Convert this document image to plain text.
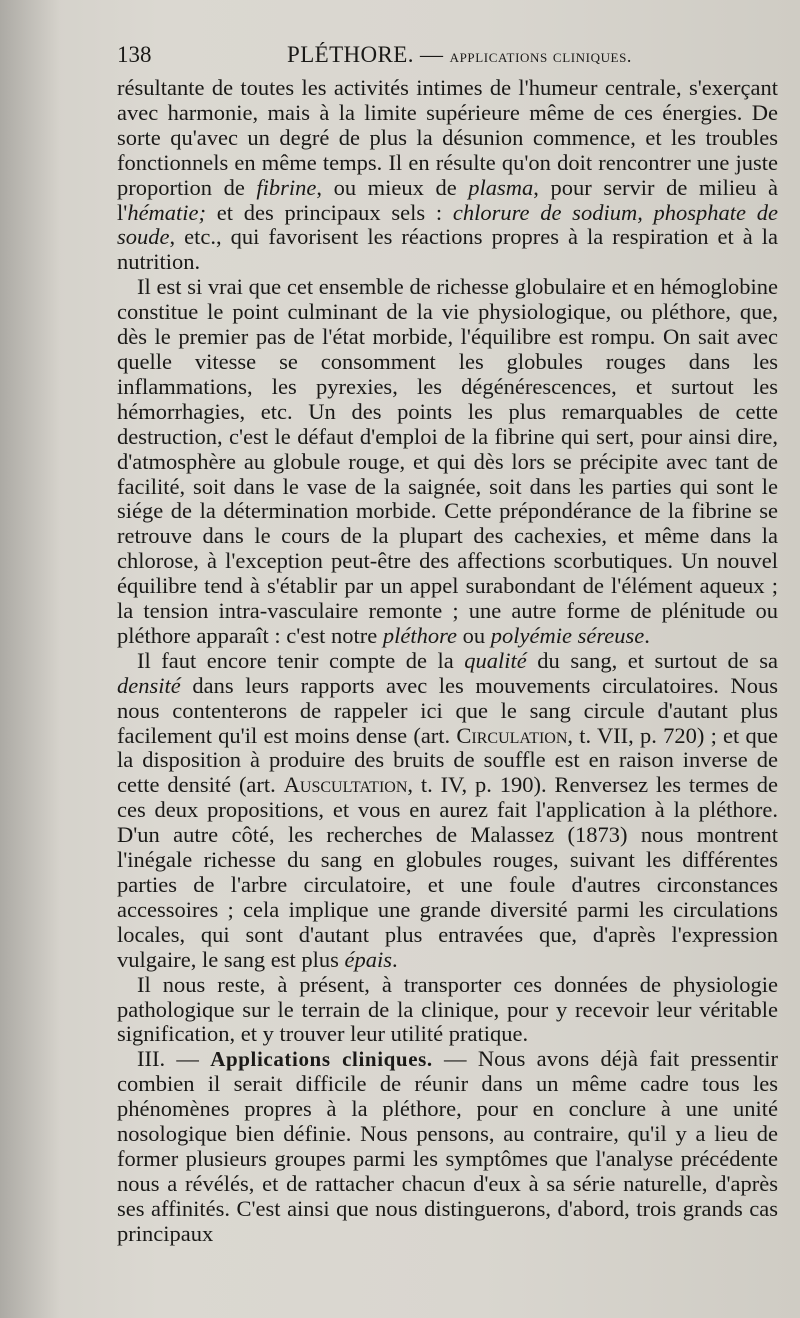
138	PLÉTHORE. — applications cliniques.

résultante de toutes les activités intimes de l'humeur centrale, s'exerçant avec harmonie, mais à la limite supérieure même de ces énergies. De sorte qu'avec un degré de plus la désunion commence, et les troubles fonctionnels en même temps. Il en résulte qu'on doit rencontrer une juste proportion de fibrine, ou mieux de plasma, pour servir de milieu à l'hématie; et des principaux sels : chlorure de sodium, phosphate de soude, etc., qui favorisent les réactions propres à la respiration et à la nutrition.

Il est si vrai que cet ensemble de richesse globulaire et en hémoglobine constitue le point culminant de la vie physiologique, ou pléthore, que, dès le premier pas de l'état morbide, l'équilibre est rompu. On sait avec quelle vitesse se consomment les globules rouges dans les inflammations, les pyrexies, les dégénérescences, et surtout les hémorrhagies, etc. Un des points les plus remarquables de cette destruction, c'est le défaut d'emploi de la fibrine qui sert, pour ainsi dire, d'atmosphère au globule rouge, et qui dès lors se précipite avec tant de facilité, soit dans le vase de la saignée, soit dans les parties qui sont le siége de la détermination morbide. Cette prépondérance de la fibrine se retrouve dans le cours de la plupart des cachexies, et même dans la chlorose, à l'exception peut-être des affections scorbutiques. Un nouvel équilibre tend à s'établir par un appel surabondant de l'élément aqueux ; la tension intra-vasculaire remonte ; une autre forme de plénitude ou pléthore apparaît : c'est notre pléthore ou polyémie séreuse.

Il faut encore tenir compte de la qualité du sang, et surtout de sa densité dans leurs rapports avec les mouvements circulatoires. Nous nous contenterons de rappeler ici que le sang circule d'autant plus facilement qu'il est moins dense (art. Circulation, t. VII, p. 720) ; et que la disposition à produire des bruits de souffle est en raison inverse de cette densité (art. Auscultation, t. IV, p. 190). Renversez les termes de ces deux propositions, et vous en aurez fait l'application à la pléthore. D'un autre côté, les recherches de Malassez (1873) nous montrent l'inégale richesse du sang en globules rouges, suivant les différentes parties de l'arbre circulatoire, et une foule d'autres circonstances accessoires ; cela implique une grande diversité parmi les circulations locales, qui sont d'autant plus entravées que, d'après l'expression vulgaire, le sang est plus épais.

Il nous reste, à présent, à transporter ces données de physiologie pathologique sur le terrain de la clinique, pour y recevoir leur véritable signification, et y trouver leur utilité pratique.

III. — Applications cliniques. — Nous avons déjà fait pressentir combien il serait difficile de réunir dans un même cadre tous les phénomènes propres à la pléthore, pour en conclure à une unité nosologique bien définie. Nous pensons, au contraire, qu'il y a lieu de former plusieurs groupes parmi les symptômes que l'analyse précédente nous a révélés, et de rattacher chacun d'eux à sa série naturelle, d'après ses affinités. C'est ainsi que nous distinguerons, d'abord, trois grands cas principaux
